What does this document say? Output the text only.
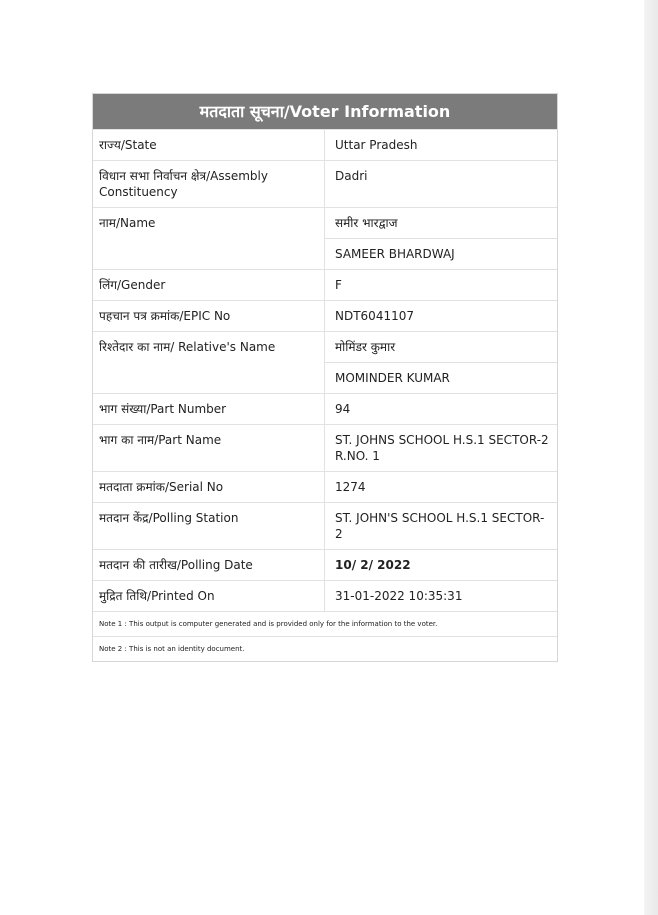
मतदाता सूचना/Voter Information
राज्य/State	Uttar Pradesh
विधान सभा निर्वाचन क्षेत्र/Assembly Constituency	Dadri
नाम/Name	समीर भारद्वाज
	SAMEER BHARDWAJ
लिंग/Gender	F
पहचान पत्र क्रमांक/EPIC No	NDT6041107
रिश्तेदार का नाम/ Relative's Name	मोमिंडर कुमार
	MOMINDER KUMAR
भाग संख्या/Part Number	94
भाग का नाम/Part Name	ST. JOHNS SCHOOL H.S.1 SECTOR-2 R.NO. 1
मतदाता क्रमांक/Serial No	1274
मतदान केंद्र/Polling Station	ST. JOHN'S SCHOOL H.S.1 SECTOR-2
मतदान की तारीख/Polling Date	10/ 2/ 2022
मुद्रित तिथि/Printed On	31-01-2022 10:35:31
Note 1 : This output is computer generated and is provided only for the information to the voter.	
Note 2 : This is not an identity document.	
